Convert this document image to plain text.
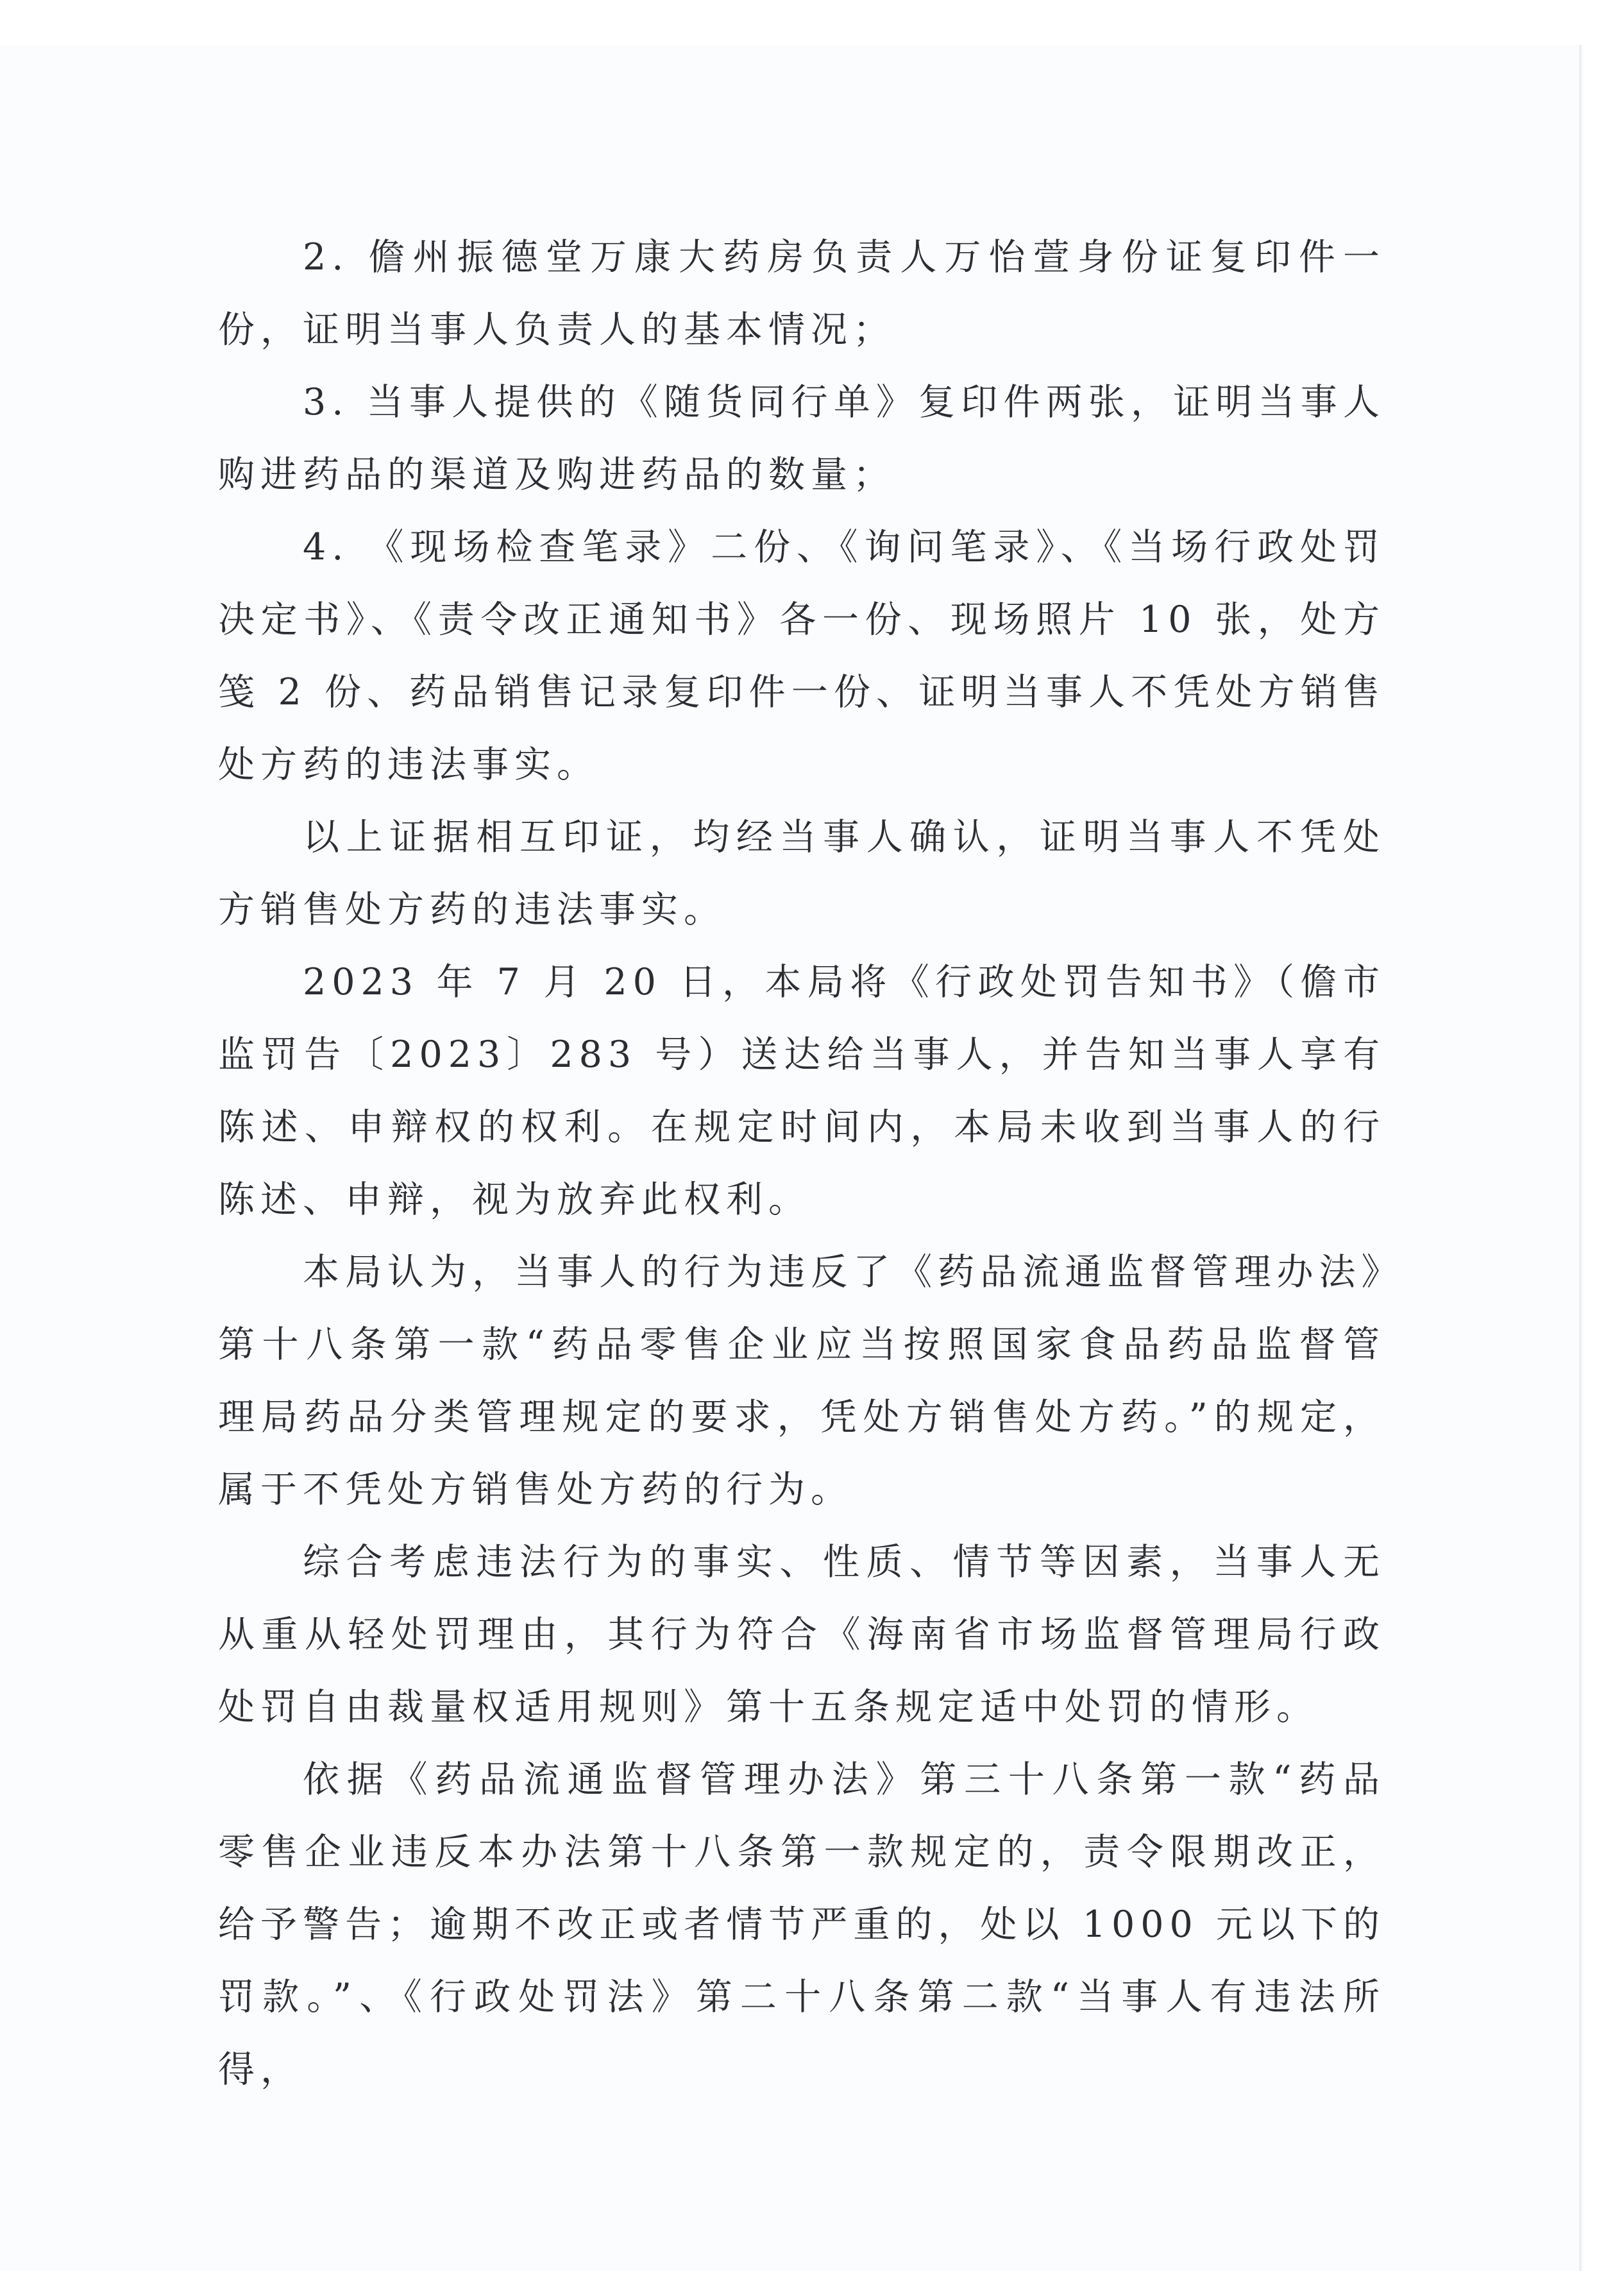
2. 儋州振德堂万康大药房负责人万怡萱身份证复印件一份，证明当事人负责人的基本情况；

3. 当事人提供的《随货同行单》复印件两张，证明当事人购进药品的渠道及购进药品的数量；

4. 《现场检查笔录》二份、《询问笔录》、《当场行政处罚决定书》、《责令改正通知书》各一份、现场照片 10 张，处方笺 2 份、药品销售记录复印件一份、证明当事人不凭处方销售处方药的违法事实。

以上证据相互印证，均经当事人确认，证明当事人不凭处方销售处方药的违法事实。

2023 年 7 月 20 日，本局将《行政处罚告知书》（儋市监罚告〔2023〕283 号）送达给当事人，并告知当事人享有陈述、申辩权的权利。在规定时间内，本局未收到当事人的行陈述、申辩，视为放弃此权利。

本局认为，当事人的行为违反了《药品流通监督管理办法》第十八条第一款“药品零售企业应当按照国家食品药品监督管理局药品分类管理规定的要求，凭处方销售处方药。”的规定，属于不凭处方销售处方药的行为。

综合考虑违法行为的事实、性质、情节等因素，当事人无从重从轻处罚理由，其行为符合《海南省市场监督管理局行政处罚自由裁量权适用规则》第十五条规定适中处罚的情形。

依据《药品流通监督管理办法》第三十八条第一款“药品零售企业违反本办法第十八条第一款规定的，责令限期改正，给予警告；逾期不改正或者情节严重的，处以 1000 元以下的罚款。”、《行政处罚法》第二十八条第二款“当事人有违法所得，
